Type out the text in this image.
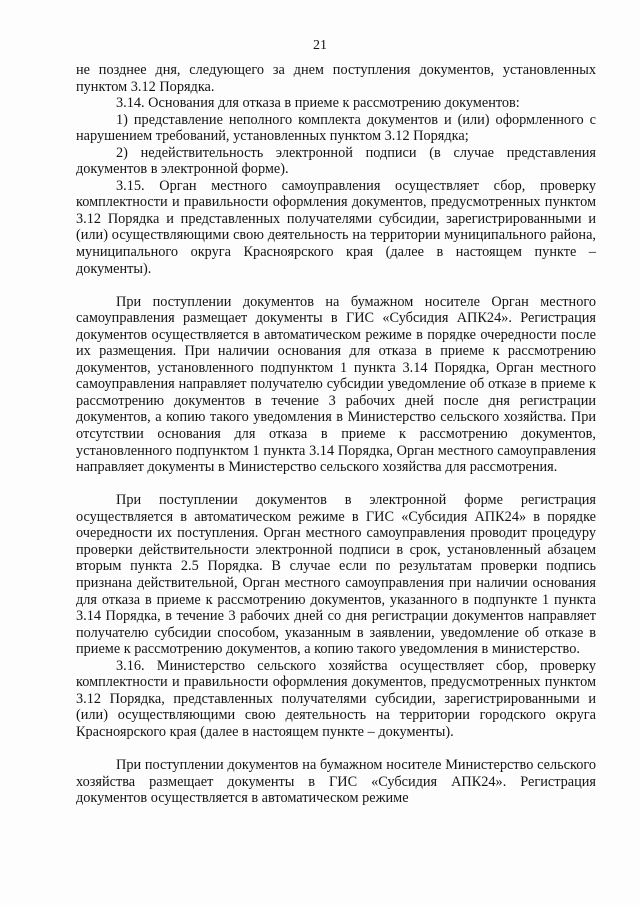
21

не позднее дня, следующего за днем поступления документов, установленных пунктом 3.12 Порядка.

3.14. Основания для отказа в приеме к рассмотрению документов:

1) представление неполного комплекта документов и (или) оформленного с нарушением требований, установленных пунктом 3.12 Порядка;

2) недействительность электронной подписи (в случае представления документов в электронной форме).

3.15. Орган местного самоуправления осуществляет сбор, проверку комплектности и правильности оформления документов, предусмотренных пунктом 3.12 Порядка и представленных получателями субсидии, зарегистрированными и (или) осуществляющими свою деятельность на территории муниципального района, муниципального округа Красноярского края (далее в настоящем пункте – документы).

При поступлении документов на бумажном носителе Орган местного самоуправления размещает документы в ГИС «Субсидия АПК24». Регистрация документов осуществляется в автоматическом режиме в порядке очередности после их размещения. При наличии основания для отказа в приеме к рассмотрению документов, установленного подпунктом 1 пункта 3.14 Порядка, Орган местного самоуправления направляет получателю субсидии уведомление об отказе в приеме к рассмотрению документов в течение 3 рабочих дней после дня регистрации документов, а копию такого уведомления в Министерство сельского хозяйства. При отсутствии основания для отказа в приеме к рассмотрению документов, установленного подпунктом 1 пункта 3.14 Порядка, Орган местного самоуправления направляет документы в Министерство сельского хозяйства для рассмотрения.

При поступлении документов в электронной форме регистрация осуществляется в автоматическом режиме в ГИС «Субсидия АПК24» в порядке очередности их поступления. Орган местного самоуправления проводит процедуру проверки действительности электронной подписи в срок, установленный абзацем вторым пункта 2.5 Порядка. В случае если по результатам проверки подпись признана действительной, Орган местного самоуправления при наличии основания для отказа в приеме к рассмотрению документов, указанного в подпункте 1 пункта 3.14 Порядка, в течение 3 рабочих дней со дня регистрации документов направляет получателю субсидии способом, указанным в заявлении, уведомление об отказе в приеме к рассмотрению документов, а копию такого уведомления в министерство.

3.16. Министерство сельского хозяйства осуществляет сбор, проверку комплектности и правильности оформления документов, предусмотренных пунктом 3.12 Порядка, представленных получателями субсидии, зарегистрированными и (или) осуществляющими свою деятельность на территории городского округа Красноярского края (далее в настоящем пункте – документы).

При поступлении документов на бумажном носителе Министерство сельского хозяйства размещает документы в ГИС «Субсидия АПК24». Регистрация документов осуществляется в автоматическом режиме
